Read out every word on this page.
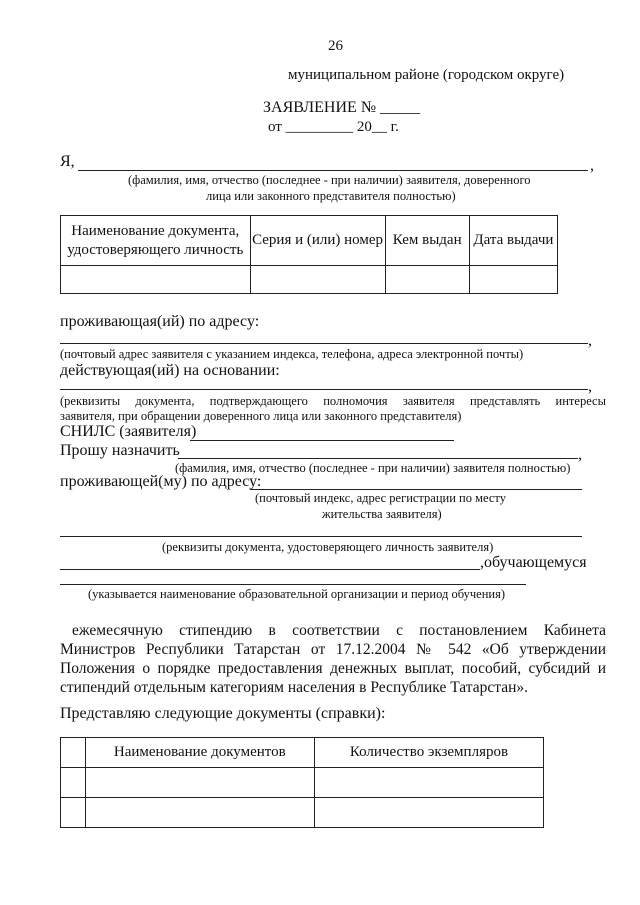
26
муниципальном районе (городском округе)
ЗАЯВЛЕНИЕ № _____
от _________ 20__ г.
Я,	,
(фамилия, имя, отчество (последнее - при наличии) заявителя, доверенного
лица или законного представителя полностью)
Наименование документа, удостоверяющего личность	Серия и (или) номер	Кем выдан	Дата выдачи

проживающая(ий) по адресу:
,
(почтовый адрес заявителя с указанием индекса, телефона, адреса электронной почты)
действующая(ий) на основании:
,
(реквизиты документа, подтверждающего полномочия заявителя представлять интересы
заявителя, при обращении доверенного лица или законного представителя)
СНИЛС (заявителя)
Прошу назначить	,
(фамилия, имя, отчество (последнее - при наличии) заявителя полностью)
проживающей(му) по адресу:
(почтовый индекс, адрес регистрации по месту
жительства заявителя)
(реквизиты документа, удостоверяющего личность заявителя)
,обучающемуся
(указывается наименование образовательной организации и период обучения)
ежемесячную стипендию в соответствии с постановлением Кабинета Министров Республики Татарстан от 17.12.2004 № 542 «Об утверждении Положения о порядке предоставления денежных выплат, пособий, субсидий и стипендий отдельным категориям населения в Республике Татарстан».
Представляю следующие документы (справки):
	Наименование документов	Количество экземпляров
